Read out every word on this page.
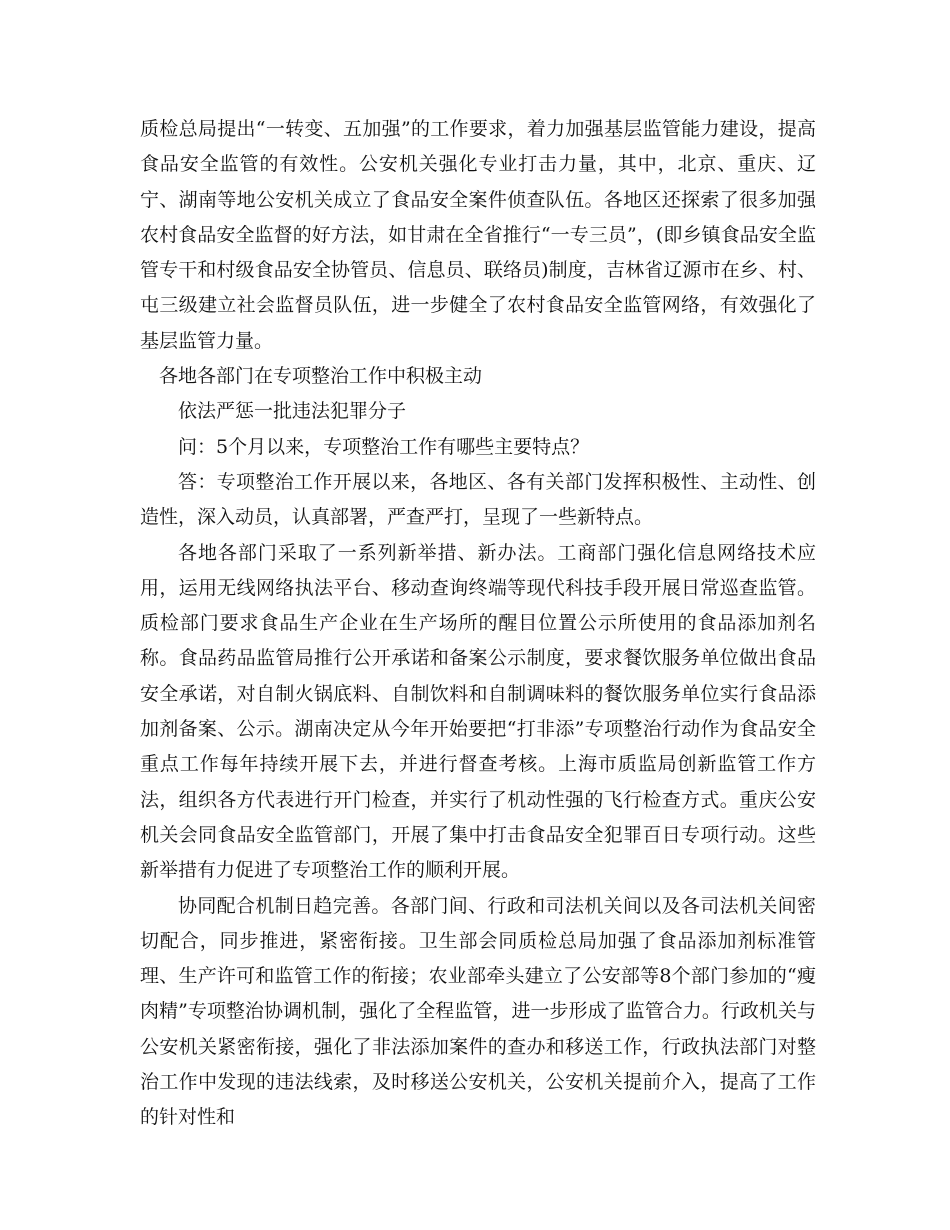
质检总局提出“一转变、五加强”的工作要求，着力加强基层监管能力建设，提高食品安全监管的有效性。公安机关强化专业打击力量，其中，北京、重庆、辽宁、湖南等地公安机关成立了食品安全案件侦查队伍。各地区还探索了很多加强农村食品安全监督的好方法，如甘肃在全省推行“一专三员”，(即乡镇食品安全监管专干和村级食品安全协管员、信息员、联络员)制度，吉林省辽源市在乡、村、屯三级建立社会监督员队伍，进一步健全了农村食品安全监管网络，有效强化了基层监管力量。

各地各部门在专项整治工作中积极主动

依法严惩一批违法犯罪分子

问：5个月以来，专项整治工作有哪些主要特点？

答：专项整治工作开展以来，各地区、各有关部门发挥积极性、主动性、创造性，深入动员，认真部署，严查严打，呈现了一些新特点。

各地各部门采取了一系列新举措、新办法。工商部门强化信息网络技术应用，运用无线网络执法平台、移动查询终端等现代科技手段开展日常巡查监管。质检部门要求食品生产企业在生产场所的醒目位置公示所使用的食品添加剂名称。食品药品监管局推行公开承诺和备案公示制度，要求餐饮服务单位做出食品安全承诺，对自制火锅底料、自制饮料和自制调味料的餐饮服务单位实行食品添加剂备案、公示。湖南决定从今年开始要把“打非添”专项整治行动作为食品安全重点工作每年持续开展下去，并进行督查考核。上海市质监局创新监管工作方法，组织各方代表进行开门检查，并实行了机动性强的飞行检查方式。重庆公安机关会同食品安全监管部门，开展了集中打击食品安全犯罪百日专项行动。这些新举措有力促进了专项整治工作的顺利开展。

协同配合机制日趋完善。各部门间、行政和司法机关间以及各司法机关间密切配合，同步推进，紧密衔接。卫生部会同质检总局加强了食品添加剂标准管理、生产许可和监管工作的衔接；农业部牵头建立了公安部等8个部门参加的“瘦肉精”专项整治协调机制，强化了全程监管，进一步形成了监管合力。行政机关与公安机关紧密衔接，强化了非法添加案件的查办和移送工作，行政执法部门对整治工作中发现的违法线索，及时移送公安机关，公安机关提前介入，提高了工作的针对性和
